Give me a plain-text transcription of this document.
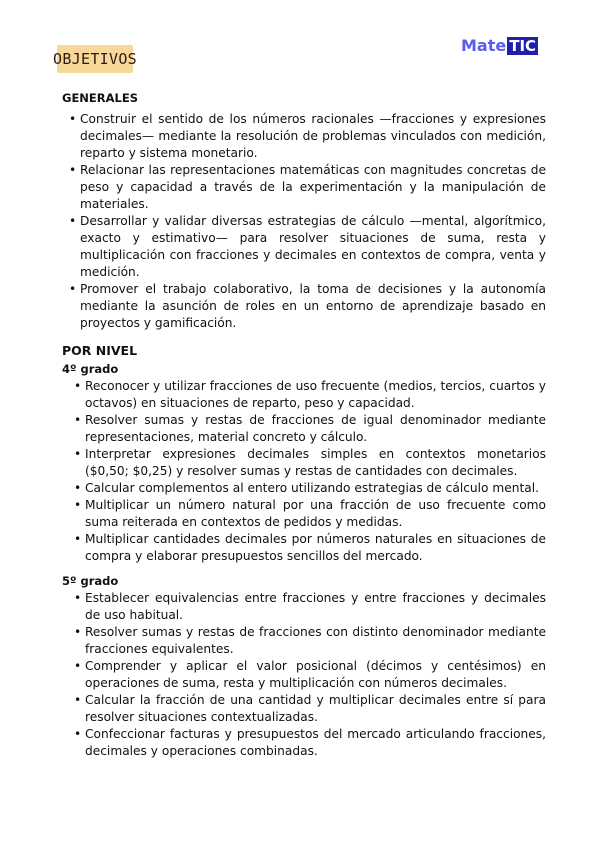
OBJETIVOS
Mate TIC
GENERALES
• Construir el sentido de los números racionales —fracciones y expresiones decimales— mediante la resolución de problemas vinculados con medición, reparto y sistema monetario.
• Relacionar las representaciones matemáticas con magnitudes concretas de peso y capacidad a través de la experimentación y la manipulación de materiales.
• Desarrollar y validar diversas estrategias de cálculo —mental, algorítmico, exacto y estimativo— para resolver situaciones de suma, resta y multiplicación con fracciones y decimales en contextos de compra, venta y medición.
• Promover el trabajo colaborativo, la toma de decisiones y la autonomía mediante la asunción de roles en un entorno de aprendizaje basado en proyectos y gamificación.
POR NIVEL
4º grado
• Reconocer y utilizar fracciones de uso frecuente (medios, tercios, cuartos y octavos) en situaciones de reparto, peso y capacidad.
• Resolver sumas y restas de fracciones de igual denominador mediante representaciones, material concreto y cálculo.
• Interpretar expresiones decimales simples en contextos monetarios ($0,50; $0,25) y resolver sumas y restas de cantidades con decimales.
• Calcular complementos al entero utilizando estrategias de cálculo mental.
• Multiplicar un número natural por una fracción de uso frecuente como suma reiterada en contextos de pedidos y medidas.
• Multiplicar cantidades decimales por números naturales en situaciones de compra y elaborar presupuestos sencillos del mercado.
5º grado
• Establecer equivalencias entre fracciones y entre fracciones y decimales de uso habitual.
• Resolver sumas y restas de fracciones con distinto denominador mediante fracciones equivalentes.
• Comprender y aplicar el valor posicional (décimos y centésimos) en operaciones de suma, resta y multiplicación con números decimales.
• Calcular la fracción de una cantidad y multiplicar decimales entre sí para resolver situaciones contextualizadas.
• Confeccionar facturas y presupuestos del mercado articulando fracciones, decimales y operaciones combinadas.
